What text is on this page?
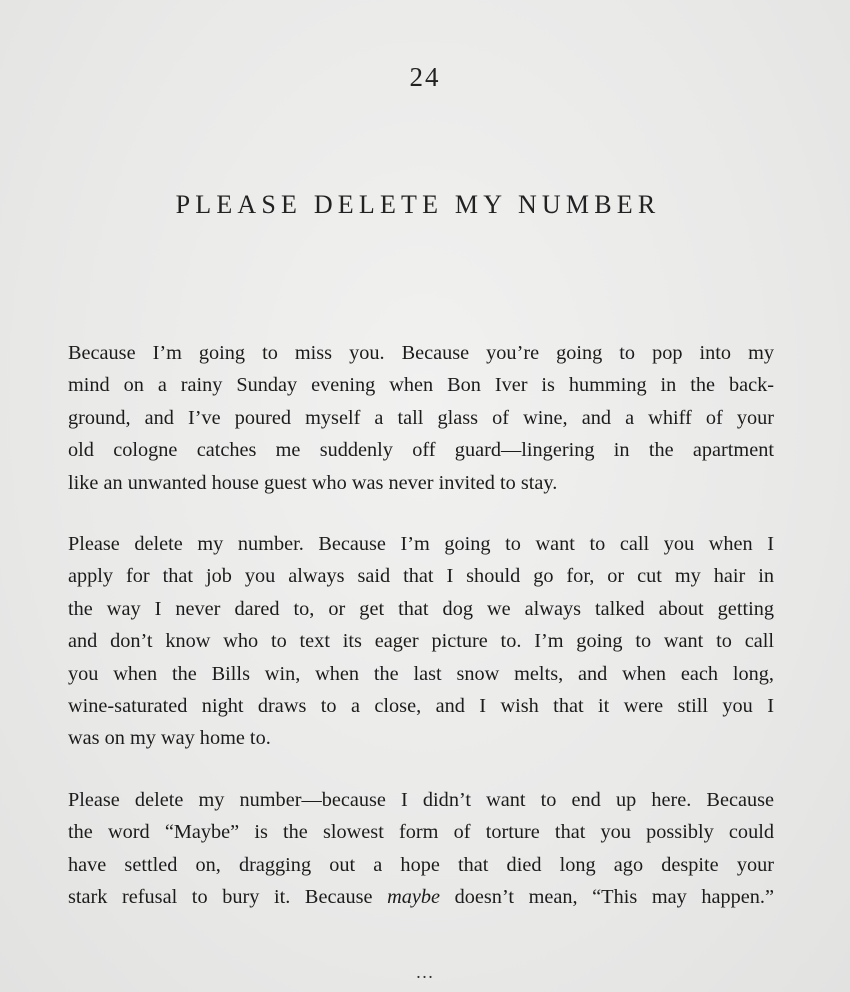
24
PLEASE DELETE MY NUMBER

Because I’m going to miss you. Because you’re going to pop into my
mind on a rainy Sunday evening when Bon Iver is humming in the back-
ground, and I’ve poured myself a tall glass of wine, and a whiff of your
old cologne catches me suddenly off guard—lingering in the apartment
like an unwanted house guest who was never invited to stay.

Please delete my number. Because I’m going to want to call you when I
apply for that job you always said that I should go for, or cut my hair in
the way I never dared to, or get that dog we always talked about getting
and don’t know who to text its eager picture to. I’m going to want to call
you when the Bills win, when the last snow melts, and when each long,
wine-saturated night draws to a close, and I wish that it were still you I
was on my way home to.

Please delete my number—because I didn’t want to end up here. Because
the word “Maybe” is the slowest form of torture that you possibly could
have settled on, dragging out a hope that died long ago despite your
stark refusal to bury it. Because maybe doesn’t mean, “This may happen.”

…
